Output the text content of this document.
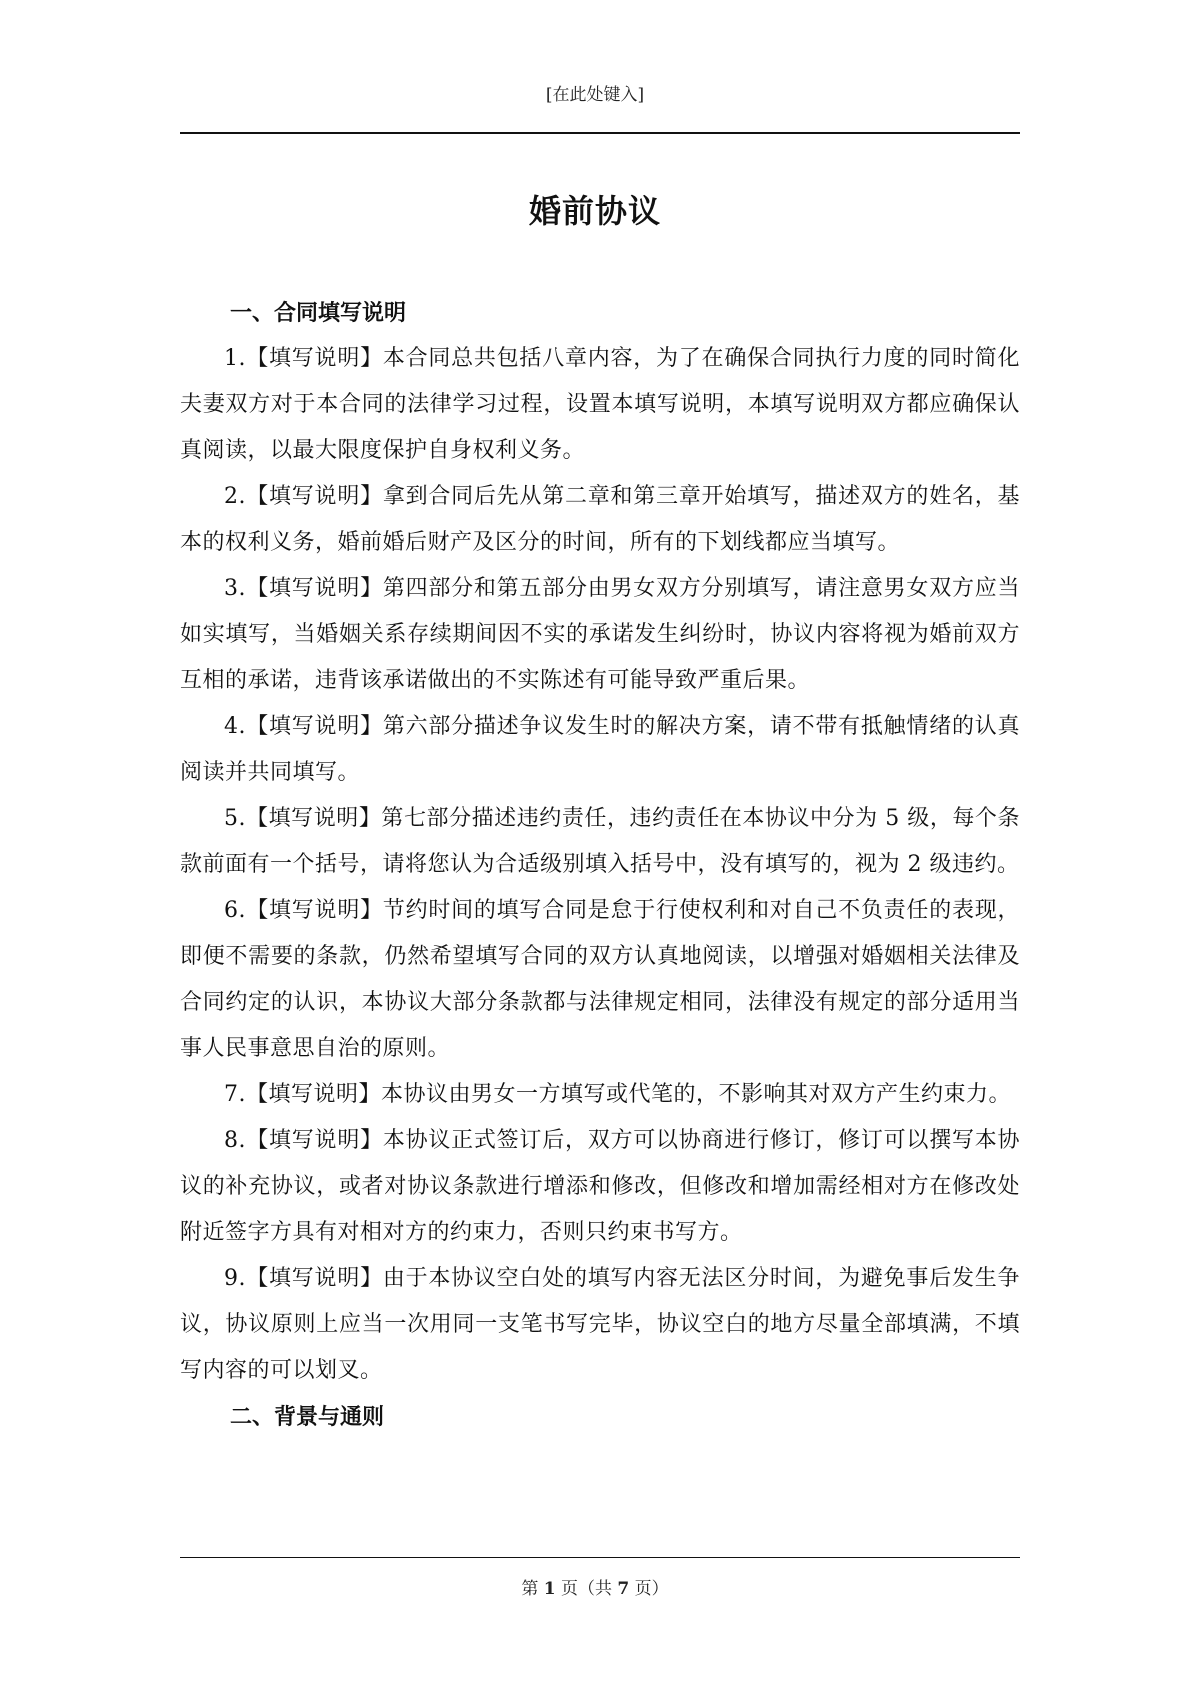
[在此处键入]
婚前协议

一、合同填写说明

1.【填写说明】本合同总共包括八章内容，为了在确保合同执行力度的同时简化夫妻双方对于本合同的法律学习过程，设置本填写说明，本填写说明双方都应确保认真阅读，以最大限度保护自身权利义务。

2.【填写说明】拿到合同后先从第二章和第三章开始填写，描述双方的姓名，基本的权利义务，婚前婚后财产及区分的时间，所有的下划线都应当填写。

3.【填写说明】第四部分和第五部分由男女双方分别填写，请注意男女双方应当如实填写，当婚姻关系存续期间因不实的承诺发生纠纷时，协议内容将视为婚前双方互相的承诺，违背该承诺做出的不实陈述有可能导致严重后果。

4.【填写说明】第六部分描述争议发生时的解决方案，请不带有抵触情绪的认真阅读并共同填写。

5.【填写说明】第七部分描述违约责任，违约责任在本协议中分为 5 级，每个条款前面有一个括号，请将您认为合适级别填入括号中，没有填写的，视为 2 级违约。

6.【填写说明】节约时间的填写合同是怠于行使权利和对自己不负责任的表现，即便不需要的条款，仍然希望填写合同的双方认真地阅读，以增强对婚姻相关法律及合同约定的认识，本协议大部分条款都与法律规定相同，法律没有规定的部分适用当事人民事意思自治的原则。

7.【填写说明】本协议由男女一方填写或代笔的，不影响其对双方产生约束力。

8.【填写说明】本协议正式签订后，双方可以协商进行修订，修订可以撰写本协议的补充协议，或者对协议条款进行增添和修改，但修改和增加需经相对方在修改处附近签字方具有对相对方的约束力，否则只约束书写方。

9.【填写说明】由于本协议空白处的填写内容无法区分时间，为避免事后发生争议，协议原则上应当一次用同一支笔书写完毕，协议空白的地方尽量全部填满，不填写内容的可以划叉。

二、背景与通则

第 1 页（共 7 页）
